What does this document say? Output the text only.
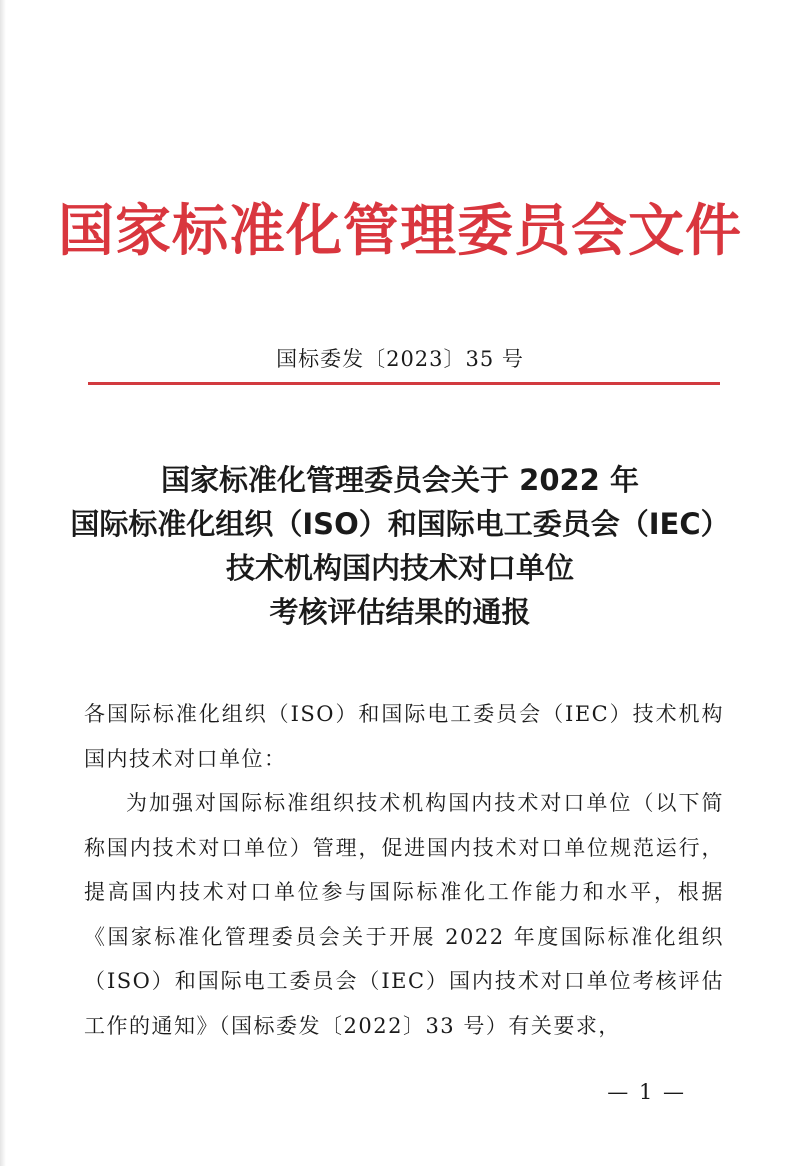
国家标准化管理委员会文件
国标委发〔2023〕35 号
国家标准化管理委员会关于 2022 年
国际标准化组织（ISO）和国际电工委员会（IEC）
技术机构国内技术对口单位
考核评估结果的通报

各国际标准化组织（ISO）和国际电工委员会（IEC）技术机构国内技术对口单位：

为加强对国际标准组织技术机构国内技术对口单位（以下简称国内技术对口单位）管理，促进国内技术对口单位规范运行，提高国内技术对口单位参与国际标准化工作能力和水平，根据《国家标准化管理委员会关于开展 2022 年度国际标准化组织（ISO）和国际电工委员会（IEC）国内技术对口单位考核评估工作的通知》（国标委发〔2022〕33 号）有关要求，

— 1 —
